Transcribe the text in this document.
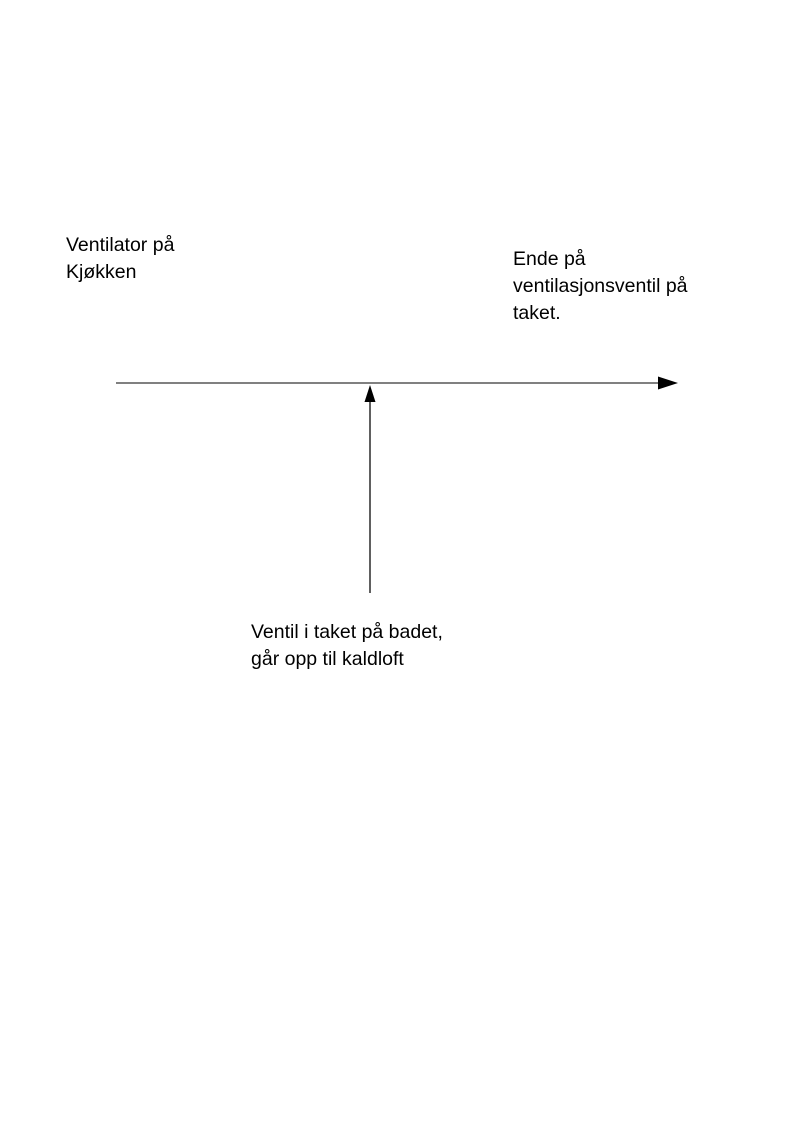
Ventilator på
Kjøkken
Ende på
ventilasjonsventil på
taket.
Ventil i taket på badet,
går opp til kaldloft
